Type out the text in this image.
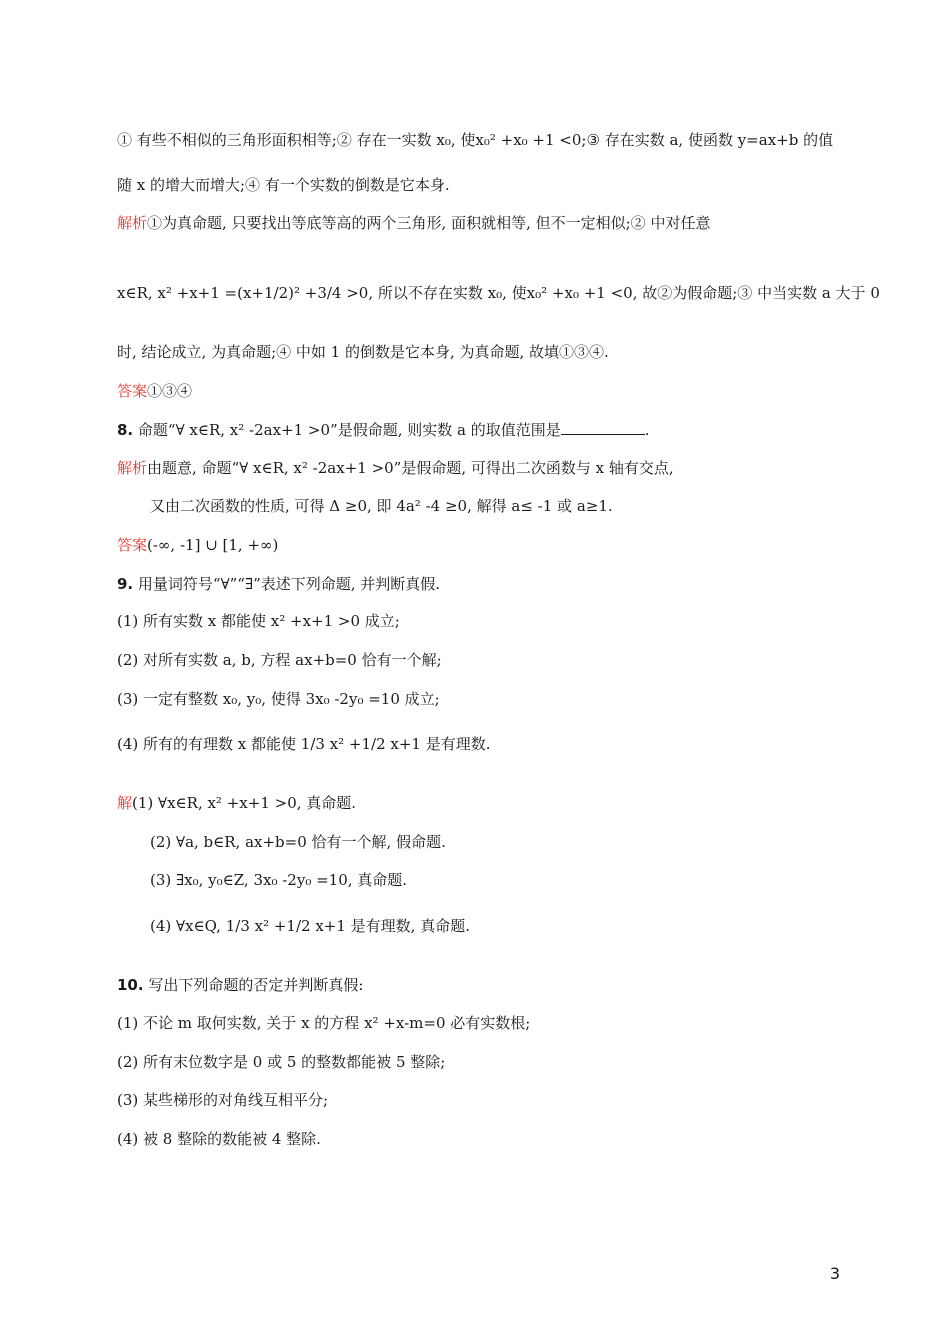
① 有些不相似的三角形面积相等;② 存在一实数 x₀, 使x₀² +x₀ +1 <0;③ 存在实数 a, 使函数 y=ax+b 的值
随 x 的增大而增大;④ 有一个实数的倒数是它本身.
解析①为真命题, 只要找出等底等高的两个三角形, 面积就相等, 但不一定相似;② 中对任意
x∈R, x² +x+1 =(x+1/2)² +3/4 >0, 所以不存在实数 x₀, 使x₀² +x₀ +1 <0, 故②为假命题;③ 中当实数 a 大于 0
时, 结论成立, 为真命题;④ 中如 1 的倒数是它本身, 为真命题, 故填①③④.
答案①③④
8. 命题“∀ x∈R, x² -2ax+1 >0”是假命题, 则实数 a 的取值范围是	.
解析由题意, 命题“∀ x∈R, x² -2ax+1 >0”是假命题, 可得出二次函数与 x 轴有交点,
又由二次函数的性质, 可得 Δ ≥0, 即 4a² -4 ≥0, 解得 a≤ -1 或 a≥1.
答案(-∞, -1] ∪ [1, +∞)
9. 用量词符号“∀”“∃”表述下列命题, 并判断真假.
(1) 所有实数 x 都能使 x² +x+1 >0 成立;
(2) 对所有实数 a, b, 方程 ax+b=0 恰有一个解;
(3) 一定有整数 x₀, y₀, 使得 3x₀ -2y₀ =10 成立;
(4) 所有的有理数 x 都能使 1/3 x² +1/2 x+1 是有理数.
解(1) ∀x∈R, x² +x+1 >0, 真命题.
(2) ∀a, b∈R, ax+b=0 恰有一个解, 假命题.
(3) ∃x₀, y₀∈Z, 3x₀ -2y₀ =10, 真命题.
(4) ∀x∈Q, 1/3 x² +1/2 x+1 是有理数, 真命题.
10. 写出下列命题的否定并判断真假:
(1) 不论 m 取何实数, 关于 x 的方程 x² +x-m=0 必有实数根;
(2) 所有末位数字是 0 或 5 的整数都能被 5 整除;
(3) 某些梯形的对角线互相平分;
(4) 被 8 整除的数能被 4 整除.
3
